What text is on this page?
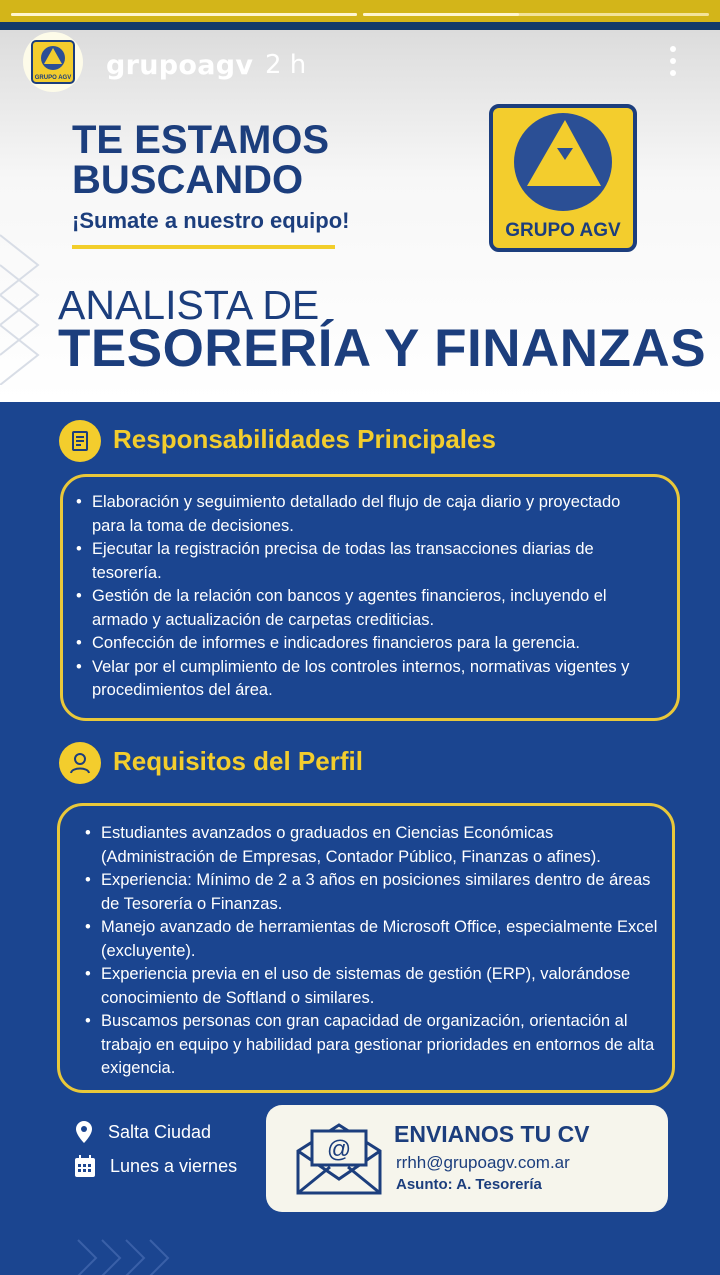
GRUPO AGV grupoagv 2 h
TE ESTAMOS
BUSCANDO
¡Sumate a nuestro equipo!	GRUPO AGV
ANALISTA DE
TESORERÍA Y FINANZAS
Responsabilidades Principales
• Elaboración y seguimiento detallado del flujo de caja diario y proyectado para la toma de decisiones.
• Ejecutar la registración precisa de todas las transacciones diarias de tesorería.
• Gestión de la relación con bancos y agentes financieros, incluyendo el armado y actualización de carpetas crediticias.
• Confección de informes e indicadores financieros para la gerencia.
• Velar por el cumplimiento de los controles internos, normativas vigentes y procedimientos del área.
Requisitos del Perfil
• Estudiantes avanzados o graduados en Ciencias Económicas (Administración de Empresas, Contador Público, Finanzas o afines).
• Experiencia: Mínimo de 2 a 3 años en posiciones similares dentro de áreas de Tesorería o Finanzas.
• Manejo avanzado de herramientas de Microsoft Office, especialmente Excel (excluyente).
• Experiencia previa en el uso de sistemas de gestión (ERP), valorándose conocimiento de Softland o similares.
• Buscamos personas con gran capacidad de organización, orientación al trabajo en equipo y habilidad para gestionar prioridades en entornos de alta exigencia.
Salta Ciudad
Lunes a viernes
@
ENVIANOS TU CV
rrhh@grupoagv.com.ar
Asunto: A. Tesorería
